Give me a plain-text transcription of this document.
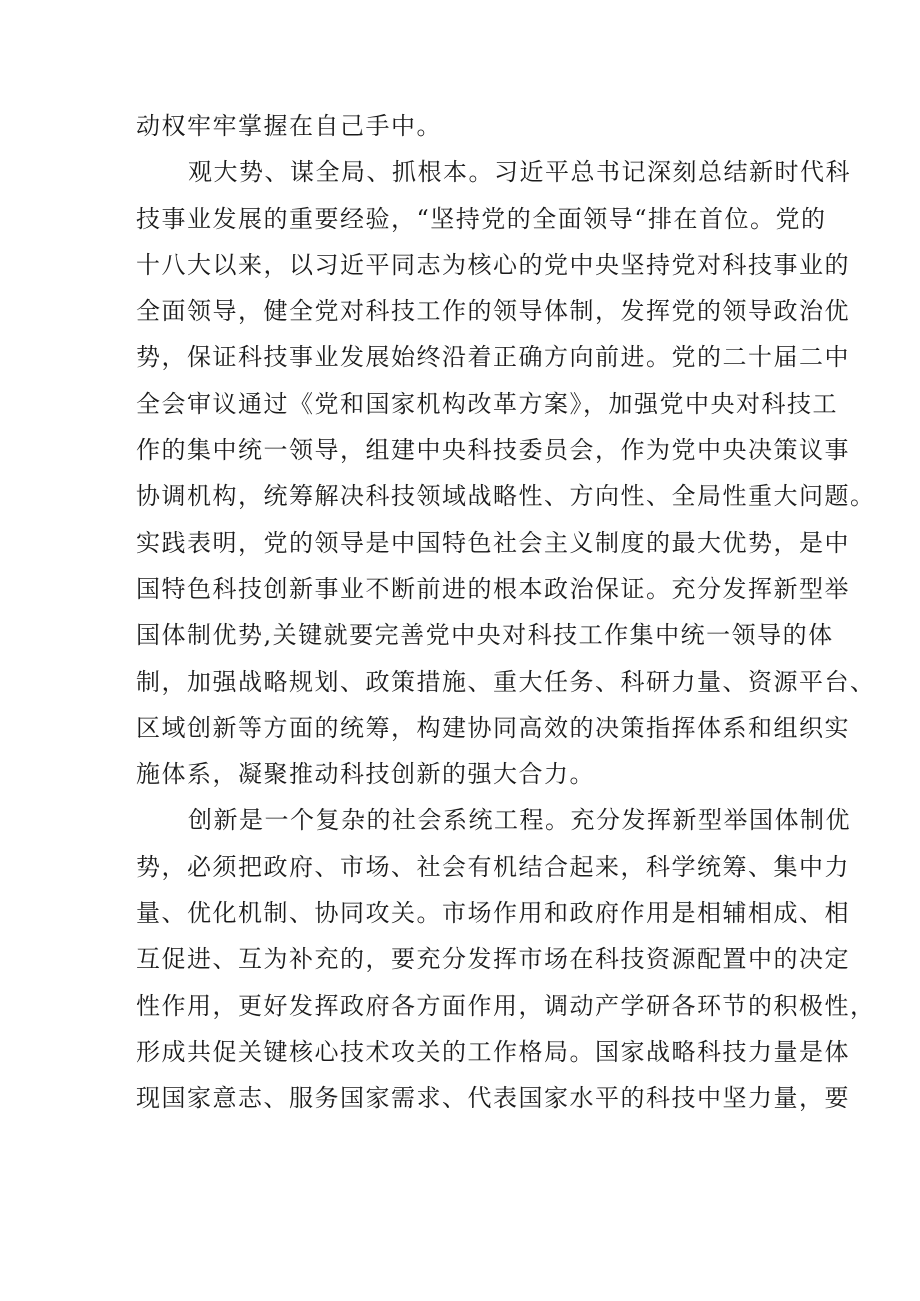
动权牢牢掌握在自己手中。
观大势、谋全局、抓根本。习近平总书记深刻总结新时代科
技事业发展的重要经验，“坚持党的全面领导“排在首位。党的
十八大以来，以习近平同志为核心的党中央坚持党对科技事业的
全面领导，健全党对科技工作的领导体制，发挥党的领导政治优
势，保证科技事业发展始终沿着正确方向前进。党的二十届二中
全会审议通过《党和国家机构改革方案》，加强党中央对科技工
作的集中统一领导，组建中央科技委员会，作为党中央决策议事
协调机构，统筹解决科技领域战略性、方向性、全局性重大问题。
实践表明，党的领导是中国特色社会主义制度的最大优势，是中
国特色科技创新事业不断前进的根本政治保证。充分发挥新型举
国体制优势,关键就要完善党中央对科技工作集中统一领导的体
制，加强战略规划、政策措施、重大任务、科研力量、资源平台、
区域创新等方面的统筹，构建协同高效的决策指挥体系和组织实
施体系，凝聚推动科技创新的强大合力。
创新是一个复杂的社会系统工程。充分发挥新型举国体制优
势，必须把政府、市场、社会有机结合起来，科学统筹、集中力
量、优化机制、协同攻关。市场作用和政府作用是相辅相成、相
互促进、互为补充的，要充分发挥市场在科技资源配置中的决定
性作用，更好发挥政府各方面作用，调动产学研各环节的积极性，
形成共促关键核心技术攻关的工作格局。国家战略科技力量是体
现国家意志、服务国家需求、代表国家水平的科技中坚力量，要
